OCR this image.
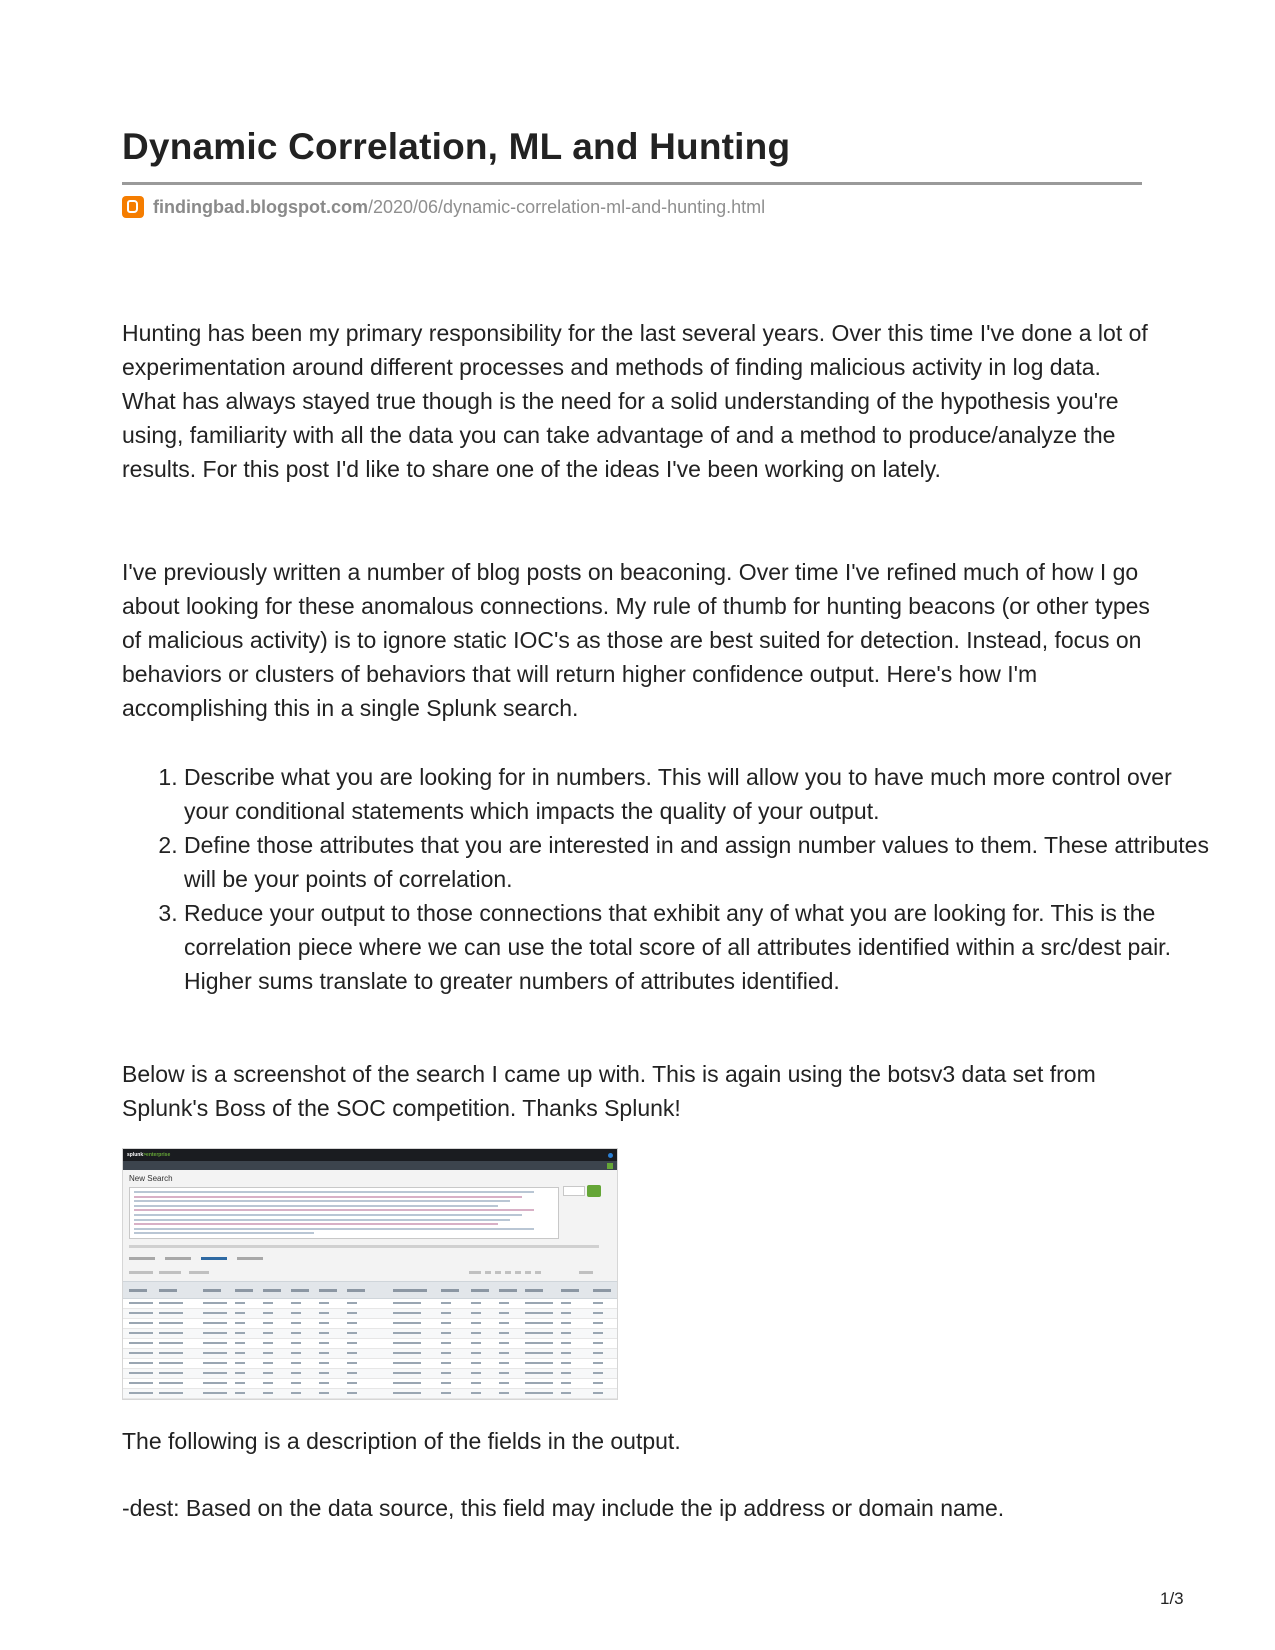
Dynamic Correlation, ML and Hunting
findingbad.blogspot.com /2020/06/dynamic-correlation-ml-and-hunting.html

Hunting has been my primary responsibility for the last several years. Over this time I've done a lot of experimentation around different processes and methods of finding malicious activity in log data. What has always stayed true though is the need for a solid understanding of the hypothesis you're using, familiarity with all the data you can take advantage of and a method to produce/analyze the results. For this post I'd like to share one of the ideas I've been working on lately.

I've previously written a number of blog posts on beaconing. Over time I've refined much of how I go about looking for these anomalous connections. My rule of thumb for hunting beacons (or other types of malicious activity) is to ignore static IOC's as those are best suited for detection. Instead, focus on behaviors or clusters of behaviors that will return higher confidence output. Here's how I'm accomplishing this in a single Splunk search.

1. Describe what you are looking for in numbers. This will allow you to have much more control over your conditional statements which impacts the quality of your output.
2. Define those attributes that you are interested in and assign number values to them. These attributes will be your points of correlation.
3. Reduce your output to those connections that exhibit any of what you are looking for. This is the correlation piece where we can use the total score of all attributes identified within a src/dest pair. Higher sums translate to greater numbers of attributes identified.

Below is a screenshot of the search I came up with. This is again using the botsv3 data set from Splunk's Boss of the SOC competition. Thanks Splunk!

The following is a description of the fields in the output.

-dest: Based on the data source, this field may include the ip address or domain name.

splunk>enterprise
New Search
1/3
